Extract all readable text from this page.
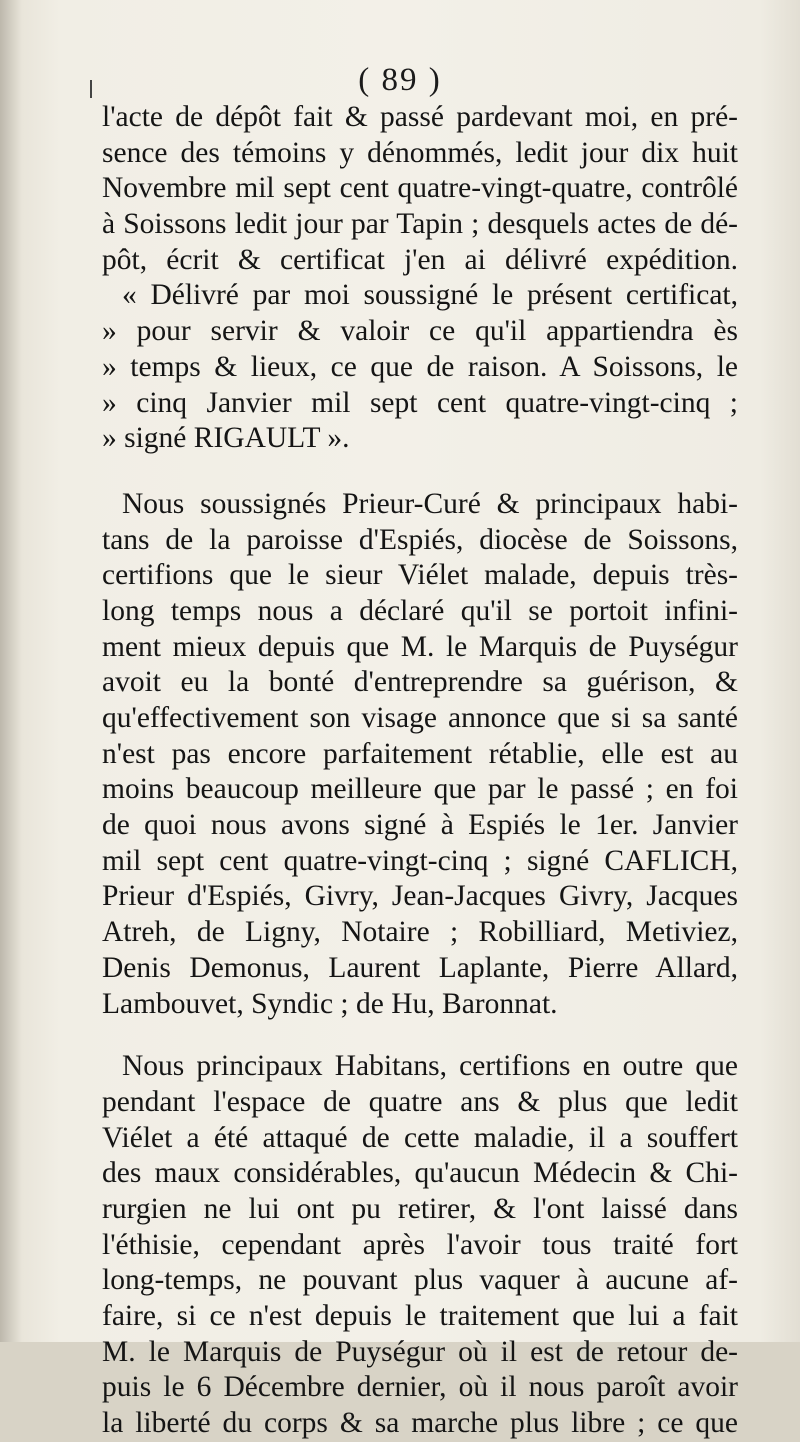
( 89 )
l'acte de dépôt fait & passé pardevant moi, en pré-
sence des témoins y dénommés, ledit jour dix huit
Novembre mil sept cent quatre-vingt-quatre, contrôlé
à Soissons ledit jour par Tapin ; desquels actes de dé-
pôt, écrit & certificat j'en ai délivré expédition.
« Délivré par moi soussigné le présent certificat,
» pour servir & valoir ce qu'il appartiendra ès
» temps & lieux, ce que de raison. A Soissons, le
» cinq Janvier mil sept cent quatre-vingt-cinq ;
» signé RIGAULT ».
Nous soussignés Prieur-Curé & principaux habi-
tans de la paroisse d'Espiés, diocèse de Soissons,
certifions que le sieur Viélet malade, depuis très-
long temps nous a déclaré qu'il se portoit infini-
ment mieux depuis que M. le Marquis de Puységur
avoit eu la bonté d'entreprendre sa guérison, &
qu'effectivement son visage annonce que si sa santé
n'est pas encore parfaitement rétablie, elle est au
moins beaucoup meilleure que par le passé ; en foi
de quoi nous avons signé à Espiés le 1er. Janvier
mil sept cent quatre-vingt-cinq ; signé CAFLICH,
Prieur d'Espiés, Givry, Jean-Jacques Givry, Jacques
Atreh, de Ligny, Notaire ; Robilliard, Metiviez,
Denis Demonus, Laurent Laplante, Pierre Allard,
Lambouvet, Syndic ; de Hu, Baronnat.
Nous principaux Habitans, certifions en outre que
pendant l'espace de quatre ans & plus que ledit
Viélet a été attaqué de cette maladie, il a souffert
des maux considérables, qu'aucun Médecin & Chi-
rurgien ne lui ont pu retirer, & l'ont laissé dans
l'éthisie, cependant après l'avoir tous traité fort
long-temps, ne pouvant plus vaquer à aucune af-
faire, si ce n'est depuis le traitement que lui a fait
M. le Marquis de Puységur où il est de retour de-
puis le 6 Décembre dernier, où il nous paroît avoir
la liberté du corps & sa marche plus libre ; ce que
